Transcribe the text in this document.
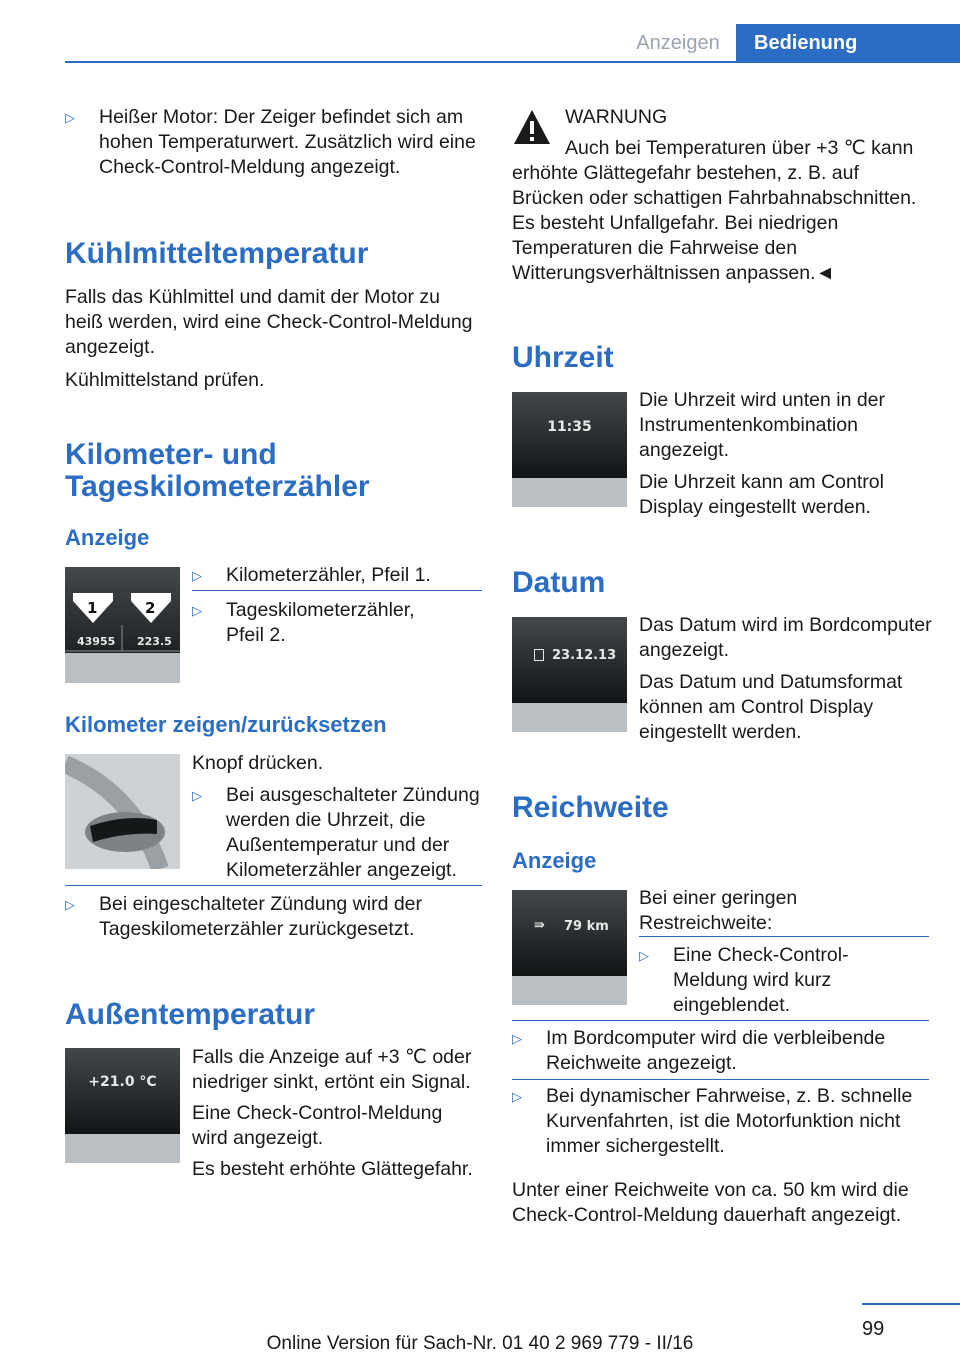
Anzeigen	Bedienung
▷	Heißer Motor: Der Zeiger befindet sich am hohen Temperaturwert. Zusätzlich wird eine Check-Control-Meldung angezeigt.
Kühlmitteltemperatur
Falls das Kühlmittel und damit der Motor zu heiß werden, wird eine Check-Control-Meldung angezeigt.
Kühlmittelstand prüfen.
Kilometer- und Tageskilometerzähler
Anzeige
1	2
43955 223.5
▷	Kilometerzähler, Pfeil 1.
▷	Tageskilometerzähler, Pfeil 2.
Kilometer zeigen/zurücksetzen
Knopf drücken.
▷	Bei ausgeschalteter Zündung werden die Uhrzeit, die Außentemperatur und der Kilometerzähler angezeigt.
▷	Bei eingeschalteter Zündung wird der Tageskilometerzähler zurückgesetzt.
Außentemperatur
+21.0 °C
Falls die Anzeige auf +3 ℃ oder niedriger sinkt, ertönt ein Signal.
Eine Check-Control-Meldung wird angezeigt.
Es besteht erhöhte Glättegefahr.
WARNUNG
Auch bei Temperaturen über +3 ℃ kann erhöhte Glättegefahr bestehen, z. B. auf Brücken oder schattigen Fahrbahnabschnitten. Es besteht Unfallgefahr. Bei niedrigen Temperaturen die Fahrweise den Witterungsverhältnissen anpassen.◄
Uhrzeit
11:35
Die Uhrzeit wird unten in der Instrumentenkombination angezeigt.
Die Uhrzeit kann am Control Display eingestellt werden.
Datum
23.12.13
Das Datum wird im Bordcomputer angezeigt.
Das Datum und Datumsformat können am Control Display eingestellt werden.
Reichweite
Anzeige
⇛ 79 km
Bei einer geringen Restreichweite:
▷	Eine Check-Control-Meldung wird kurz eingeblendet.
▷	Im Bordcomputer wird die verbleibende Reichweite angezeigt.
▷	Bei dynamischer Fahrweise, z. B. schnelle Kurvenfahrten, ist die Motorfunktion nicht immer sichergestellt.
Unter einer Reichweite von ca. 50 km wird die Check-Control-Meldung dauerhaft angezeigt.
99
Online Version für Sach-Nr. 01 40 2 969 779 - II/16
